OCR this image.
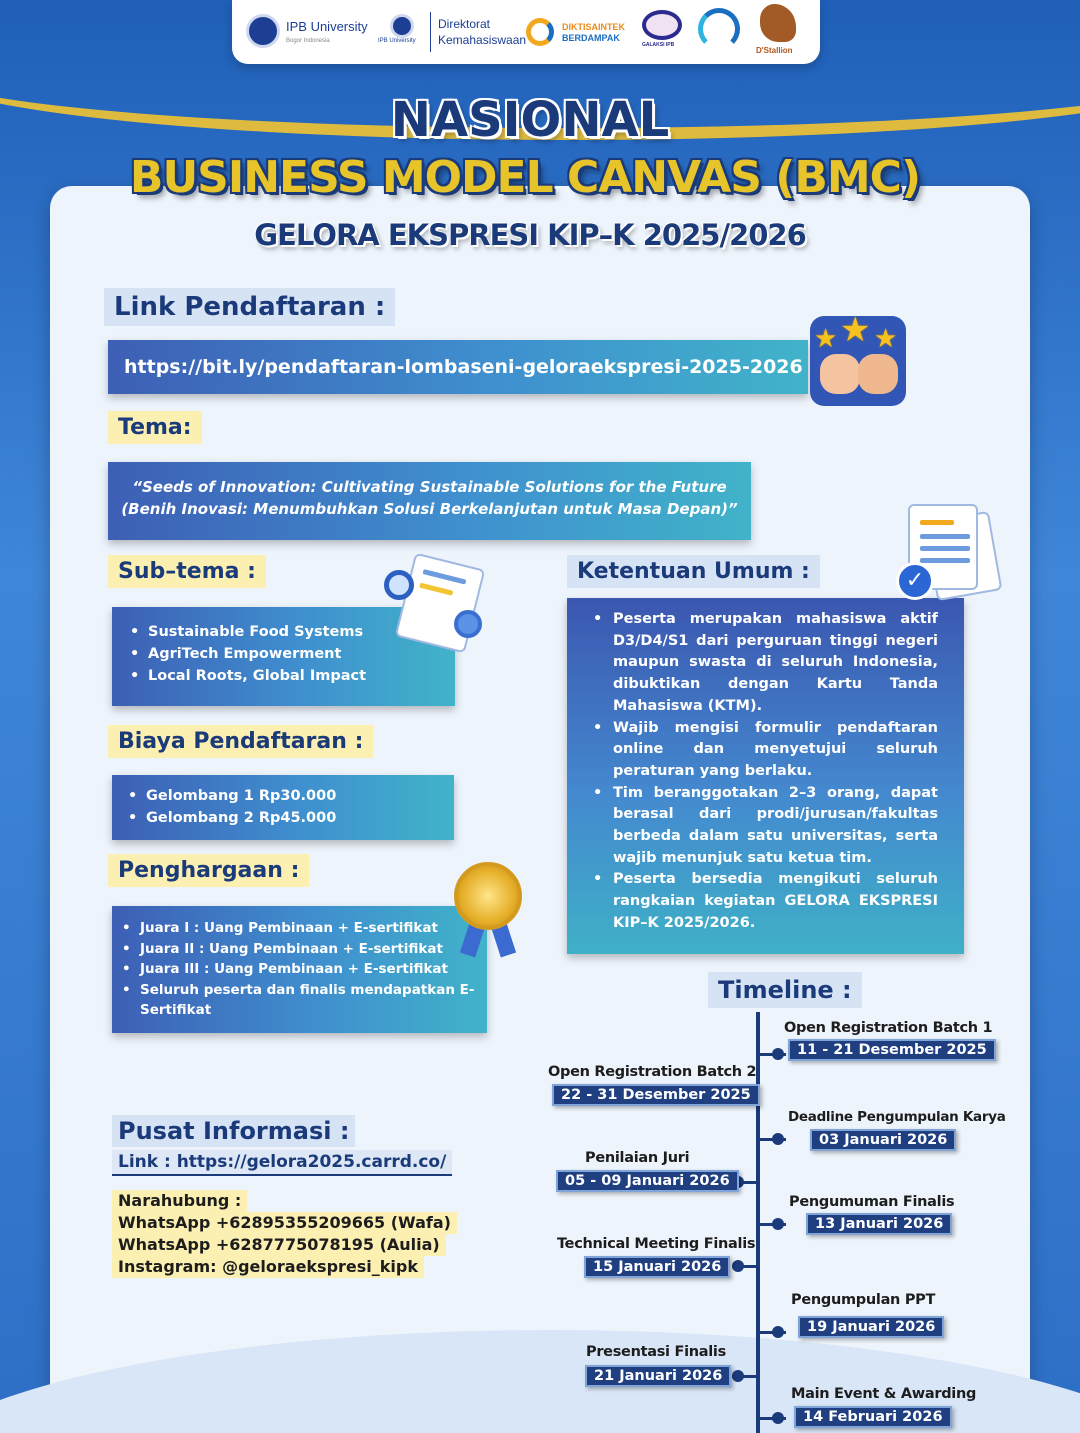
IPB University
Bogor Indonesia	IPB University
Direktorat
Kemahasiswaan
DIKTISAINTEK
BERDAMPAK
GALAKSI IPB
D'Stallion
NASIONAL
BUSINESS MODEL CANVAS (BMC)
GELORA EKSPRESI KIP–K 2025/2026
Link Pendaftaran :
https://bit.ly/pendaftaran-lombaseni-geloraekspresi-2025-2026
★ ★ ★
Tema:
“Seeds of Innovation: Cultivating Sustainable Solutions for the Future
(Benih Inovasi: Menumbuhkan Solusi Berkelanjutan untuk Masa Depan)”
Sub–tema :
• Sustainable Food Systems
• AgriTech Empowerment
• Local Roots, Global Impact
Biaya Pendaftaran :
• Gelombang 1 Rp30.000
• Gelombang 2 Rp45.000
Penghargaan :
• Juara I : Uang Pembinaan + E-sertifikat
• Juara II : Uang Pembinaan + E-sertifikat
• Juara III : Uang Pembinaan + E-sertifikat
• Seluruh peserta dan finalis mendapatkan E-Sertifikat
Ketentuan Umum :
• Peserta merupakan mahasiswa aktif D3/D4/S1 dari perguruan tinggi negeri maupun swasta di seluruh Indonesia, dibuktikan dengan Kartu Tanda Mahasiswa (KTM).
• Wajib mengisi formulir pendaftaran online dan menyetujui seluruh peraturan yang berlaku.
• Tim beranggotakan 2–3 orang, dapat berasal dari prodi/jurusan/fakultas berbeda dalam satu universitas, serta wajib menunjuk satu ketua tim.
• Peserta bersedia mengikuti seluruh rangkaian kegiatan GELORA EKSPRESI KIP–K 2025/2026.
✓
Pusat Informasi :
Link : https://gelora2025.carrd.co/
Narahubung :
WhatsApp +62895355209665 (Wafa)
WhatsApp +6287775078195 (Aulia)
Instagram: @geloraekspresi_kipk
Timeline :
Open Registration Batch 1
11 - 21 Desember 2025
Open Registration Batch 2
22 - 31 Desember 2025
Deadline Pengumpulan Karya
03 Januari 2026
Penilaian Juri
05 - 09 Januari 2026
Pengumuman Finalis
13 Januari 2026
Technical Meeting Finalis
15 Januari 2026
Pengumpulan PPT
19 Januari 2026
Presentasi Finalis
21 Januari 2026
Main Event & Awarding
14 Februari 2026
